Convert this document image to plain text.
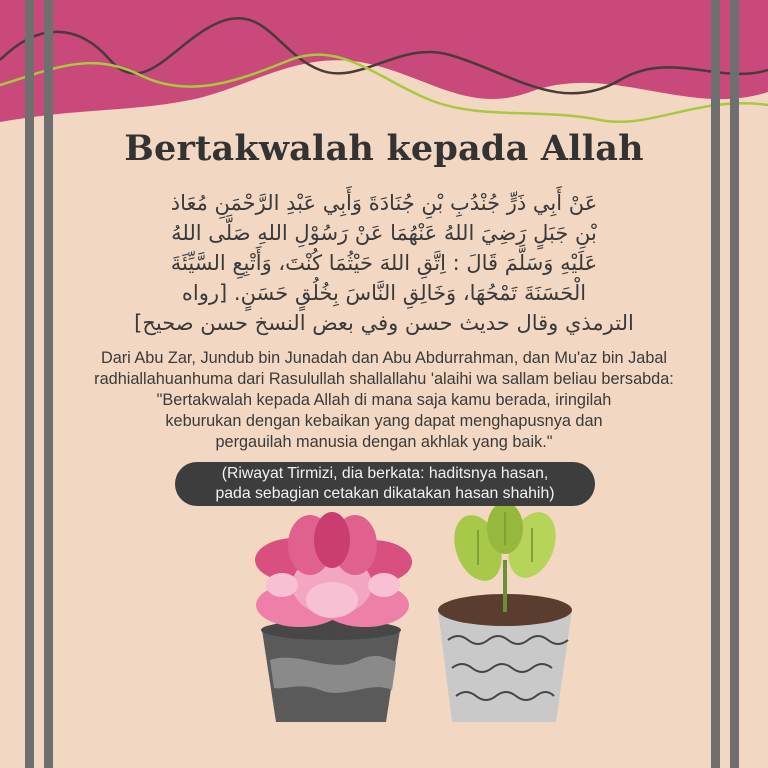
Bertakwalah kepada Allah
عَنْ أَبِي ذَرٍّ جُنْدُبِ بْنِ جُنَادَةَ وَأَبِي عَبْدِ الرَّحْمَنِ مُعَاذ
بْنِ جَبَلٍ رَضِيَ اللهُ عَنْهُمَا عَنْ رَسُوْلِ اللهِ صَلَّى اللهُ
عَلَيْهِ وَسَلَّمَ قَالَ : اِتَّقِ اللهَ حَيْثُمَا كُنْتَ، وَأَتْبِعِ السَّيِّئَةَ
الْحَسَنَةَ تَمْحُهَا، وَخَالِقِ النَّاسَ بِخُلُقٍ حَسَنٍ. [رواه
الترمذي وقال حديث حسن وفي بعض النسخ حسن صحيح]
Dari Abu Zar, Jundub bin Junadah dan Abu Abdurrahman, dan Mu'az bin Jabal
radhiallahuanhuma dari Rasulullah shallallahu 'alaihi wa sallam beliau bersabda:
"Bertakwalah kepada Allah di mana saja kamu berada, iringilah
keburukan dengan kebaikan yang dapat menghapusnya dan
pergauilah manusia dengan akhlak yang baik."
(Riwayat Tirmizi, dia berkata: haditsnya hasan,
pada sebagian cetakan dikatakan hasan shahih)
